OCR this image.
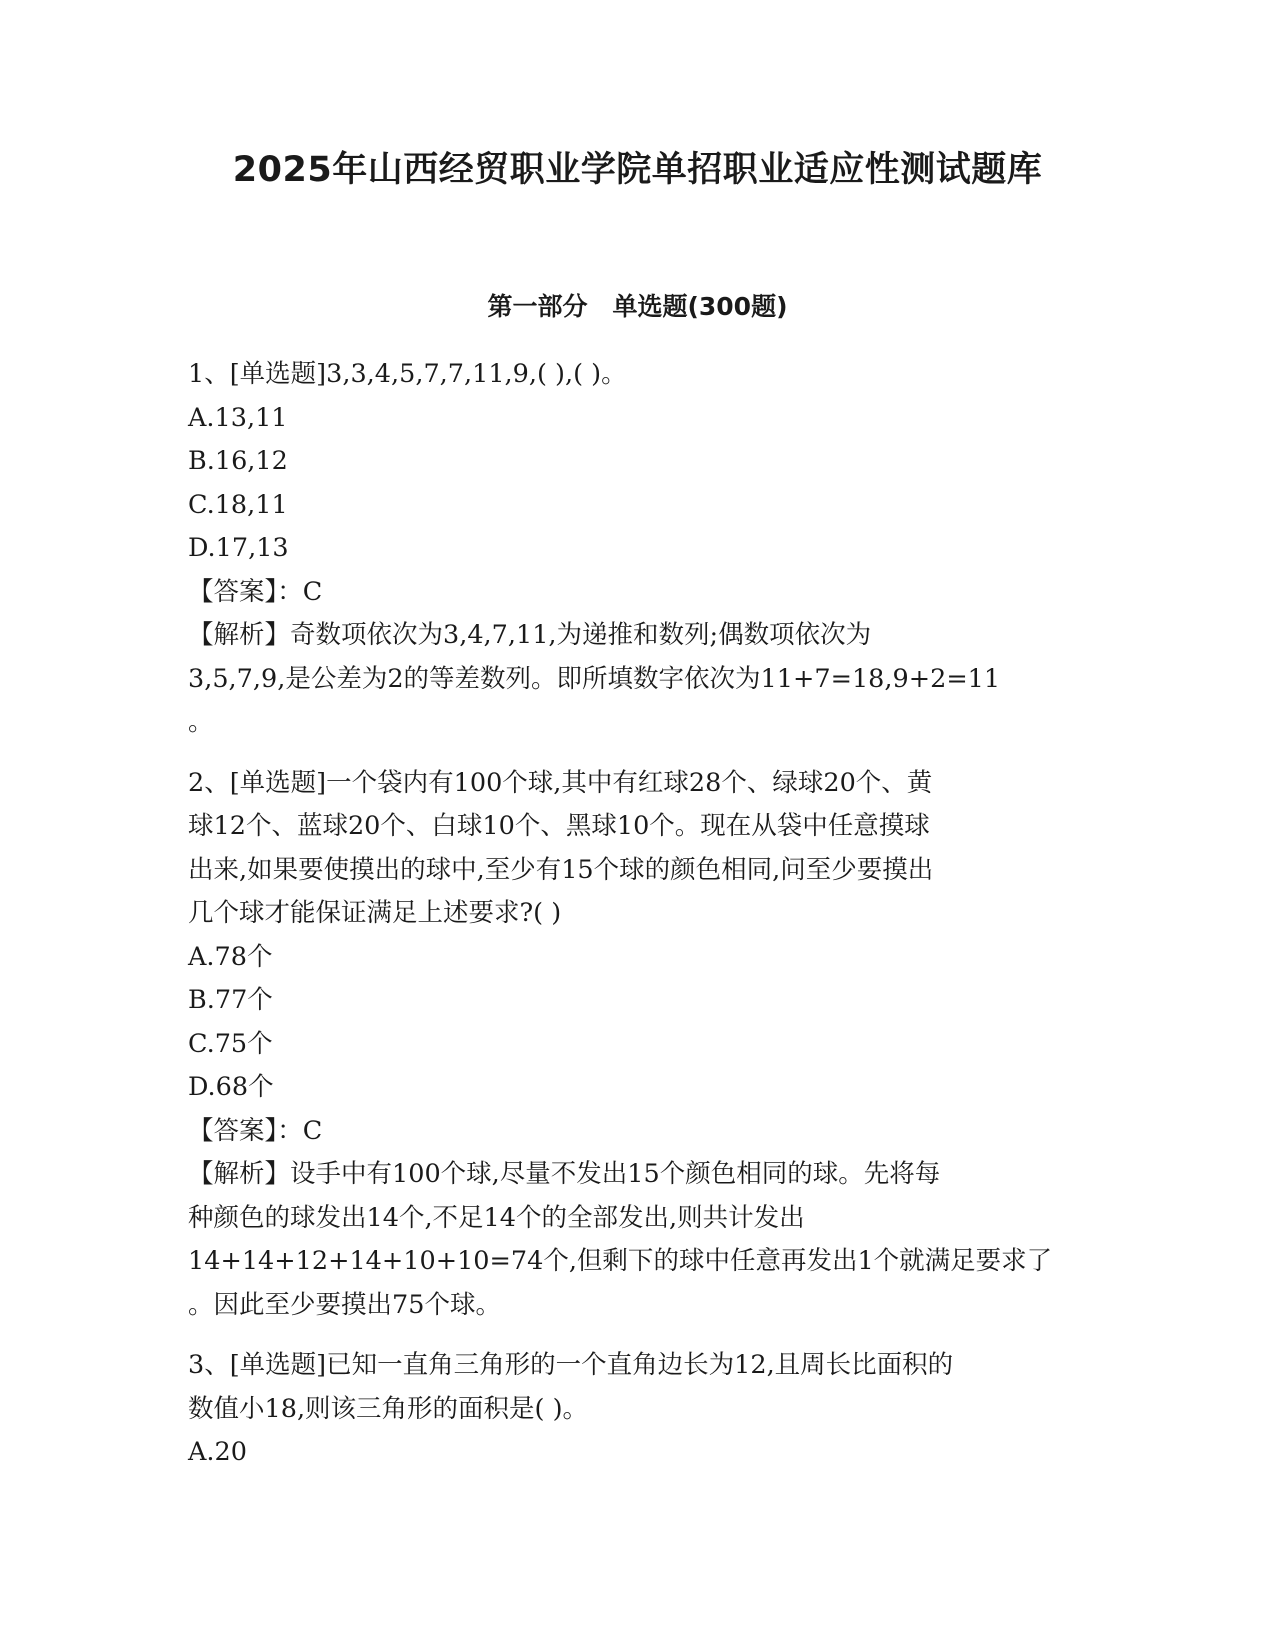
2025年山西经贸职业学院单招职业适应性测试题库
第一部分　单选题(300题)
1、[单选题]3,3,4,5,7,7,11,9,( ),( )。
A.13,11
B.16,12
C.18,11
D.17,13
【答案】：C
【解析】奇数项依次为3,4,7,11,为递推和数列;偶数项依次为
3,5,7,9,是公差为2的等差数列。即所填数字依次为11+7=18,9+2=11
。
2、[单选题]一个袋内有100个球,其中有红球28个、绿球20个、黄
球12个、蓝球20个、白球10个、黑球10个。现在从袋中任意摸球
出来,如果要使摸出的球中,至少有15个球的颜色相同,问至少要摸出
几个球才能保证满足上述要求?( )
A.78个
B.77个
C.75个
D.68个
【答案】：C
【解析】设手中有100个球,尽量不发出15个颜色相同的球。先将每
种颜色的球发出14个,不足14个的全部发出,则共计发出
14+14+12+14+10+10=74个,但剩下的球中任意再发出1个就满足要求了
。因此至少要摸出75个球。
3、[单选题]已知一直角三角形的一个直角边长为12,且周长比面积的
数值小18,则该三角形的面积是( )。
A.20
